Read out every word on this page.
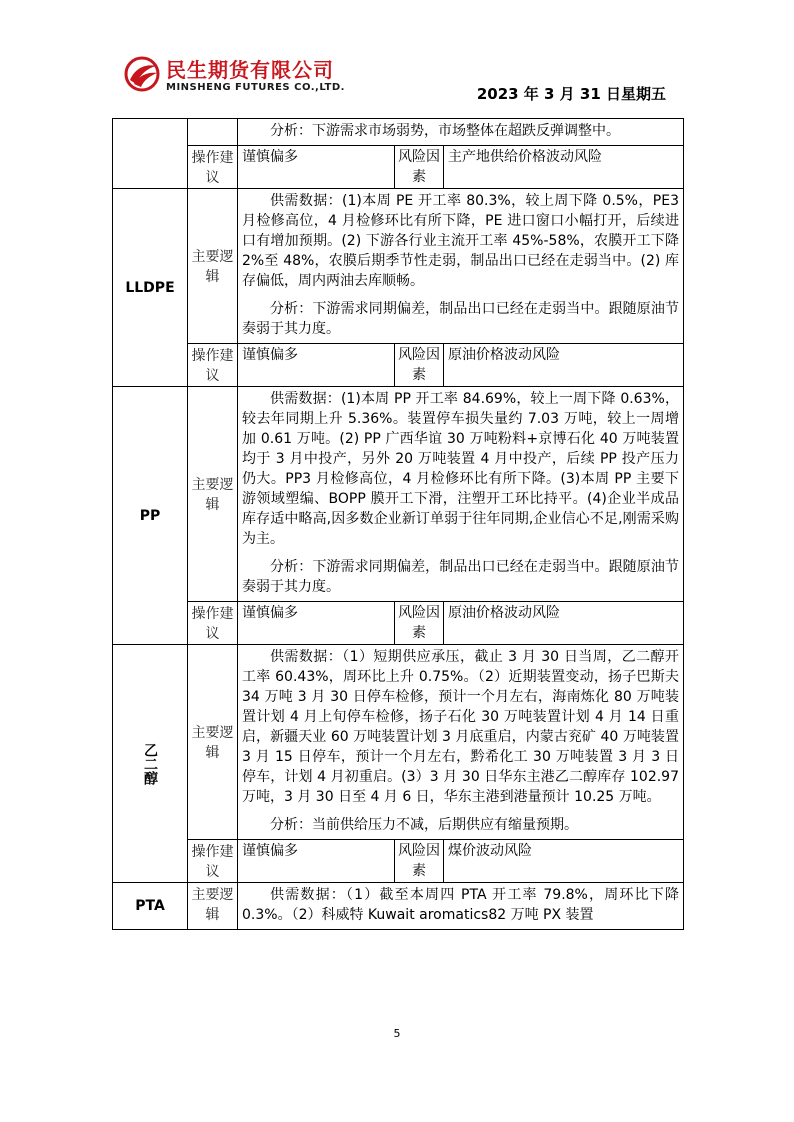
民生期货有限公司
MINSHENG FUTURES CO.,LTD.	2023 年 3 月 31 日星期五

		分析：下游需求市场弱势，市场整体在超跌反弹调整中。		

	操作建议	谨慎偏多	风险因素	主产地供给价格波动风险
LLDPE	主要逻辑	供需数据：(1)本周 PE 开工率 80.3%，较上周下降 0.5%，PE3 月检修高位，4 月检修环比有所下降，PE 进口窗口小幅打开，后续进口有增加预期。(2) 下游各行业主流开工率 45%-58%，农膜开工下降 2%至 48%，农膜后期季节性走弱，制品出口已经在走弱当中。(2) 库存偏低，周内两油去库顺畅。

分析：下游需求同期偏差，制品出口已经在走弱当中。跟随原油节奏弱于其力度。		

	操作建议	谨慎偏多	风险因素	原油价格波动风险
PP	主要逻辑	供需数据：(1)本周 PP 开工率 84.69%，较上一周下降 0.63%，较去年同期上升 5.36%。装置停车损失量约 7.03 万吨，较上一周增加 0.61 万吨。(2) PP 广西华谊 30 万吨粉料+京博石化 40 万吨装置均于 3 月中投产，另外 20 万吨装置 4 月中投产，后续 PP 投产压力仍大。PP3 月检修高位，4 月检修环比有所下降。(3)本周 PP 主要下游领域塑编、BOPP 膜开工下滑，注塑开工环比持平。(4)企业半成品库存适中略高,因多数企业新订单弱于往年同期,企业信心不足,刚需采购为主。

分析：下游需求同期偏差，制品出口已经在走弱当中。跟随原油节奏弱于其力度。		

	操作建议	谨慎偏多	风险因素	原油价格波动风险

乙二醇	主要逻辑	供需数据：（1）短期供应承压，截止 3 月 30 日当周，乙二醇开工率 60.43%，周环比上升 0.75%。（2）近期装置变动，扬子巴斯夫 34 万吨 3 月 30 日停车检修，预计一个月左右，海南炼化 80 万吨装置计划 4 月上旬停车检修，扬子石化 30 万吨装置计划 4 月 14 日重启，新疆天业 60 万吨装置计划 3 月底重启，内蒙古兖矿 40 万吨装置 3 月 15 日停车，预计一个月左右，黔希化工 30 万吨装置 3 月 3 日停车，计划 4 月初重启。(3）3 月 30 日华东主港乙二醇库存 102.97 万吨，3 月 30 日至 4 月 6 日，华东主港到港量预计 10.25 万吨。

分析：当前供给压力不减，后期供应有缩量预期。		

	操作建议	谨慎偏多	风险因素	煤价波动风险
PTA	主要逻辑	供需数据：（1）截至本周四 PTA 开工率 79.8%，周环比下降 0.3%。（2）科威特 Kuwait aromatics82 万吨 PX 装置		

5
